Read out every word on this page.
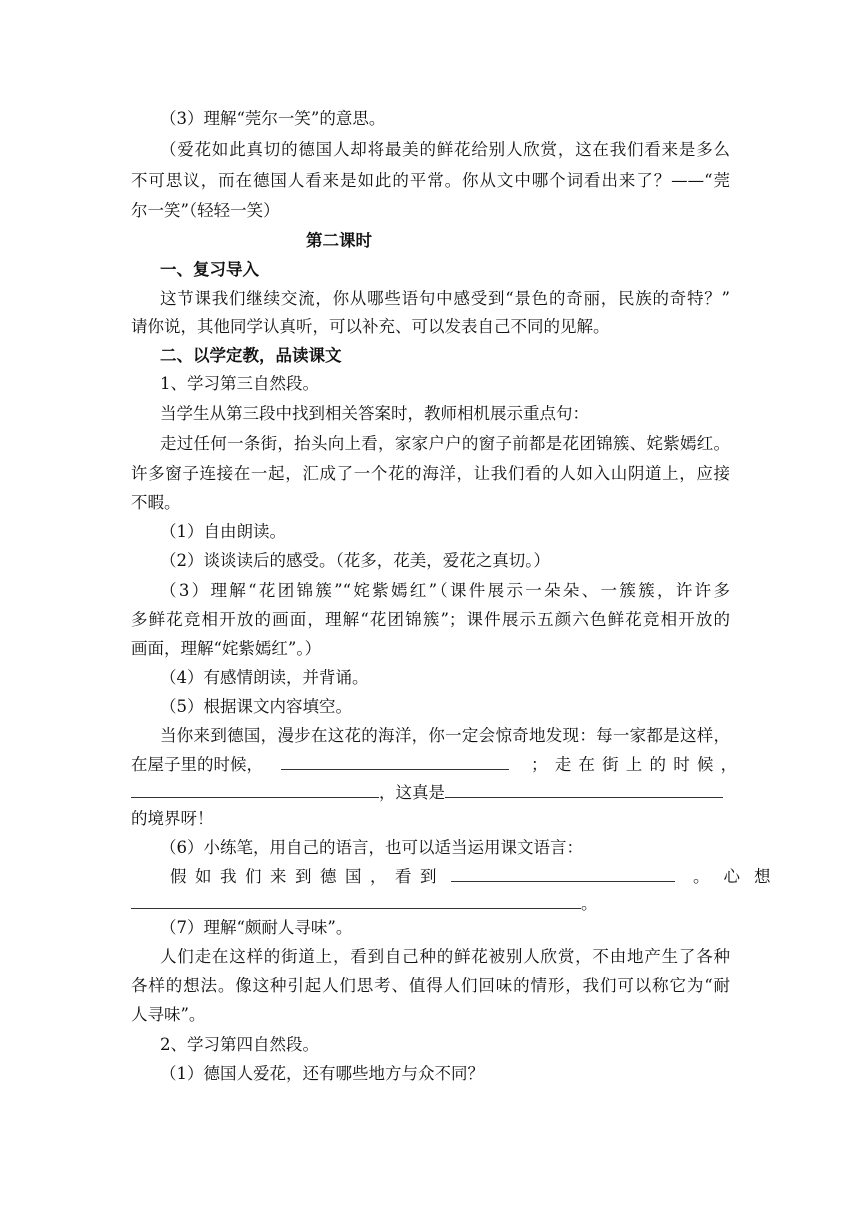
（3）理解“莞尔一笑”的意思。
（爱花如此真切的德国人却将最美的鲜花给别人欣赏，这在我们看来是多么
不可思议，而在德国人看来是如此的平常。你从文中哪个词看出来了？——“莞
尔一笑”（轻轻一笑）
第二课时
一、复习导入
这节课我们继续交流，你从哪些语句中感受到“景色的奇丽，民族的奇特？”
请你说，其他同学认真听，可以补充、可以发表自己不同的见解。
二、以学定教，品读课文
1、学习第三自然段。
当学生从第三段中找到相关答案时，教师相机展示重点句：
走过任何一条街，抬头向上看，家家户户的窗子前都是花团锦簇、姹紫嫣红。
许多窗子连接在一起，汇成了一个花的海洋，让我们看的人如入山阴道上，应接
不暇。
（1）自由朗读。
（2）谈谈读后的感受。（花多，花美，爱花之真切。）
（3）理解“花团锦簇”“姹紫嫣红”（课件展示一朵朵、一簇簇，许许多
多鲜花竞相开放的画面，理解“花团锦簇”；课件展示五颜六色鲜花竞相开放的
画面，理解“姹紫嫣红”。）
（4）有感情朗读，并背诵。
（5）根据课文内容填空。
当你来到德国，漫步在这花的海洋，你一定会惊奇地发现：每一家都是这样，
在屋子里的时候，	；走在街上的时候，
，这真是
的境界呀！
（6）小练笔，用自己的语言，也可以适当运用课文语言：
假如我们来到德国，看到	。心想
。
（7）理解“颇耐人寻味”。
人们走在这样的街道上，看到自己种的鲜花被别人欣赏，不由地产生了各种
各样的想法。像这种引起人们思考、值得人们回味的情形，我们可以称它为“耐
人寻味”。
2、学习第四自然段。
（1）德国人爱花，还有哪些地方与众不同？
